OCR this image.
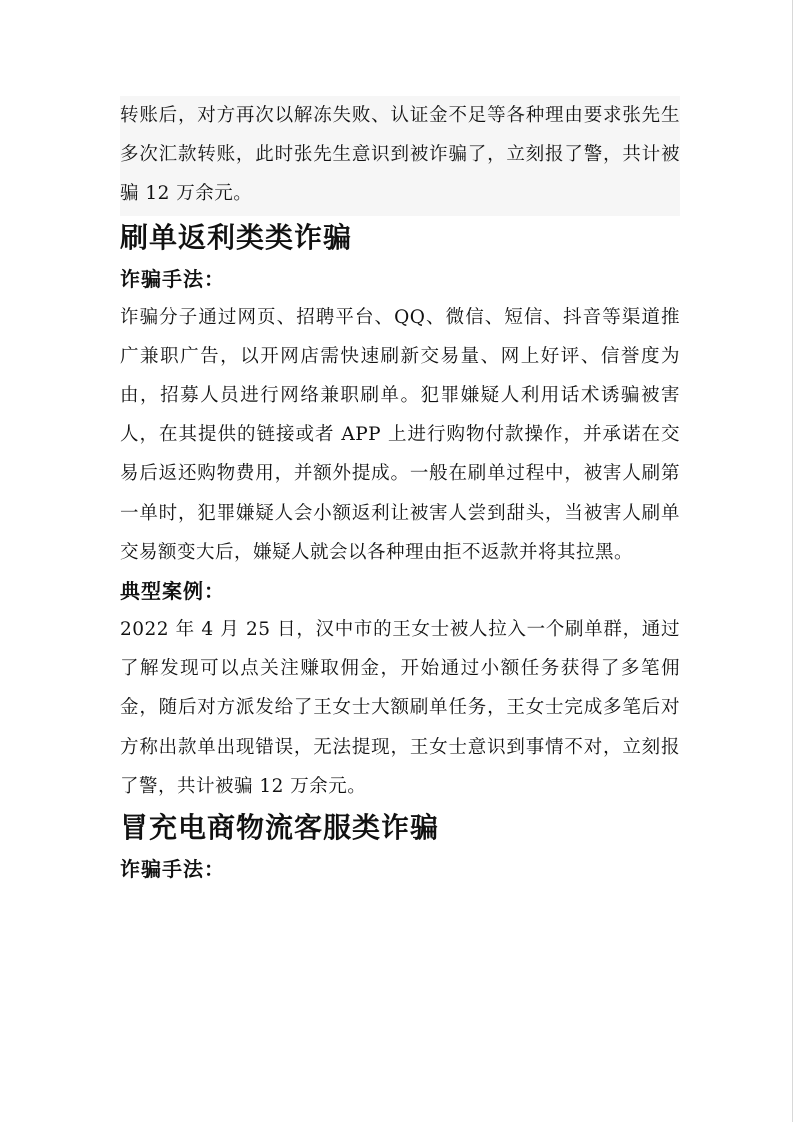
转账后，对方再次以解冻失败、认证金不足等各种理由要求张先生多次汇款转账，此时张先生意识到被诈骗了，立刻报了警，共计被骗 12 万余元。

刷单返利类类诈骗
诈骗手法：

诈骗分子通过网页、招聘平台、QQ、微信、短信、抖音等渠道推广兼职广告，以开网店需快速刷新交易量、网上好评、信誉度为由，招募人员进行网络兼职刷单。犯罪嫌疑人利用话术诱骗被害人，在其提供的链接或者 APP 上进行购物付款操作，并承诺在交易后返还购物费用，并额外提成。一般在刷单过程中，被害人刷第一单时，犯罪嫌疑人会小额返利让被害人尝到甜头，当被害人刷单交易额变大后，嫌疑人就会以各种理由拒不返款并将其拉黑。

典型案例：

2022 年 4 月 25 日，汉中市的王女士被人拉入一个刷单群，通过了解发现可以点关注赚取佣金，开始通过小额任务获得了多笔佣金，随后对方派发给了王女士大额刷单任务，王女士完成多笔后对方称出款单出现错误，无法提现，王女士意识到事情不对，立刻报了警，共计被骗 12 万余元。

冒充电商物流客服类诈骗
诈骗手法：
